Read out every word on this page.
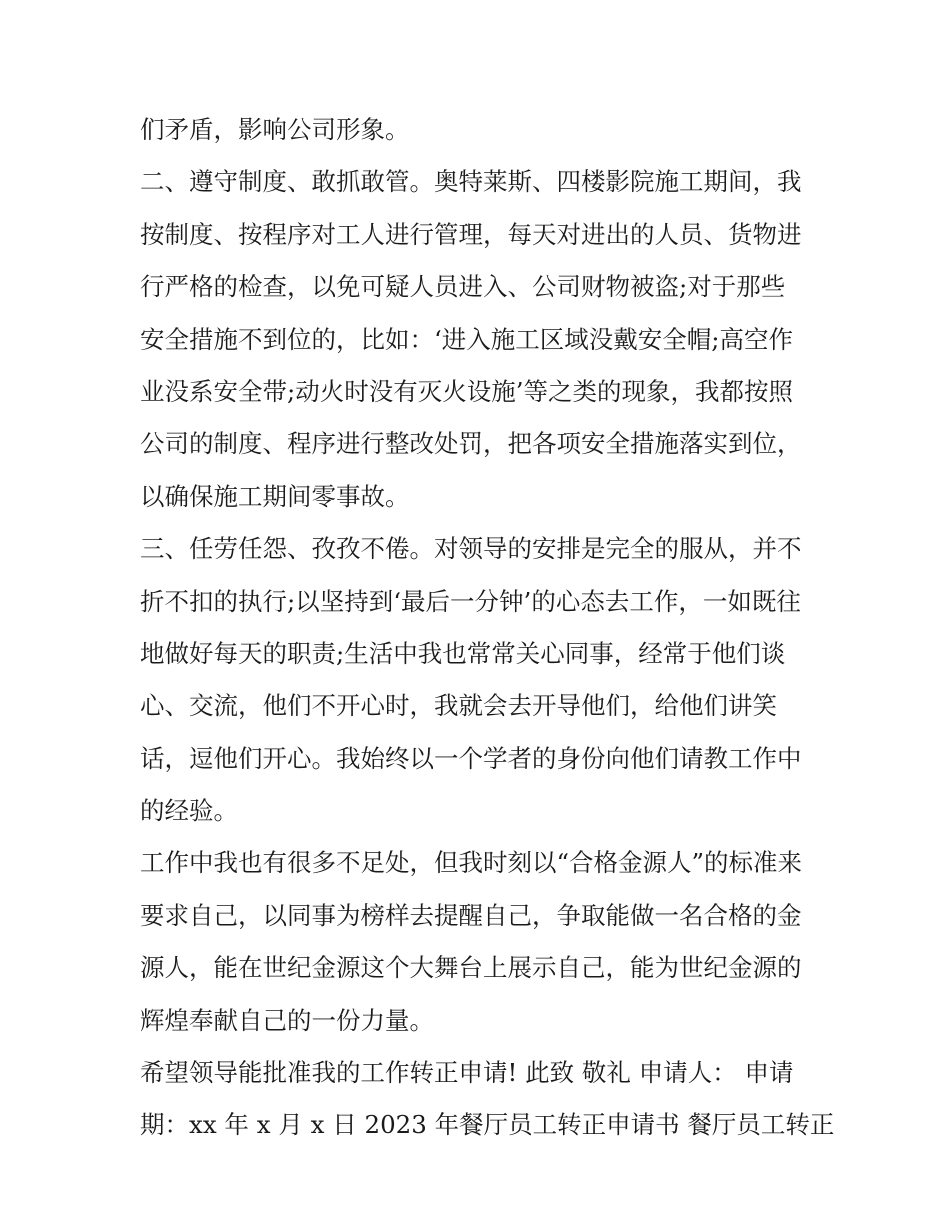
们矛盾，影响公司形象。
二、遵守制度、敢抓敢管。奥特莱斯、四楼影院施工期间，我
按制度、按程序对工人进行管理，每天对进出的人员、货物进
行严格的检查，以免可疑人员进入、公司财物被盗;对于那些
安全措施不到位的，比如：‘进入施工区域没戴安全帽;高空作
业没系安全带;动火时没有灭火设施’等之类的现象，我都按照
公司的制度、程序进行整改处罚，把各项安全措施落实到位，
以确保施工期间零事故。
三、任劳任怨、孜孜不倦。对领导的安排是完全的服从，并不
折不扣的执行;以坚持到‘最后一分钟’的心态去工作，一如既往
地做好每天的职责;生活中我也常常关心同事，经常于他们谈
心、交流，他们不开心时，我就会去开导他们，给他们讲笑
话，逗他们开心。我始终以一个学者的身份向他们请教工作中
的经验。
工作中我也有很多不足处，但我时刻以“合格金源人”的标准来
要求自己，以同事为榜样去提醒自己，争取能做一名合格的金
源人，能在世纪金源这个大舞台上展示自己，能为世纪金源的
辉煌奉献自己的一份力量。
希望领导能批准我的工作转正申请! 此致 敬礼 申请人： 申请
期：xx 年 x 月 x 日 2023 年餐厅员工转正申请书 餐厅员工转正
